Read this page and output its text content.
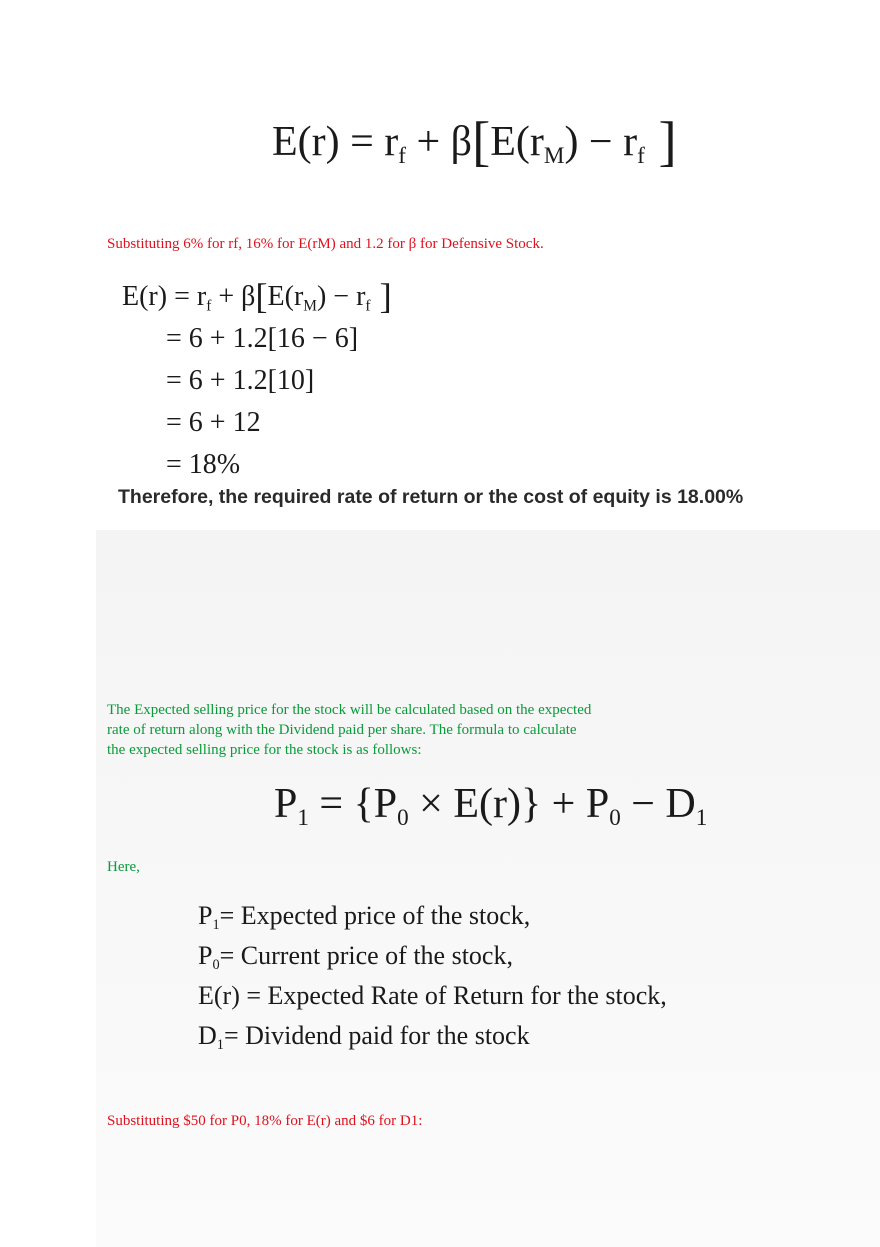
$E(r) = r_f + \beta[E(r_M) - r_f$ ]
Substituting 6% for rf, 16% for E(rM) and 1.2 for β for Defensive Stock.
$E(r) = r_f + \beta[E(r_M) - r_f$ ]
= 6 + 1.2[16 − 6]
= 6 + 1.2[10]
= 6 + 12
= 18%
Therefore, the required rate of return or the cost of equity is 18.00%
The Expected selling price for the stock will be calculated based on the expected
rate of return along with the Dividend paid per share. The formula to calculate
the expected selling price for the stock is as follows:
$P_1 = \{P_0 \times E(r)\} + P_0 - D_1$
Here,
$P_1=$ Expected price of the stock,
$P_0=$ Current price of the stock,
E(r) = Expected Rate of Return for the stock,
$D_1=$ Dividend paid for the stock
Substituting $50 for P0, 18% for E(r) and $6 for D1:
